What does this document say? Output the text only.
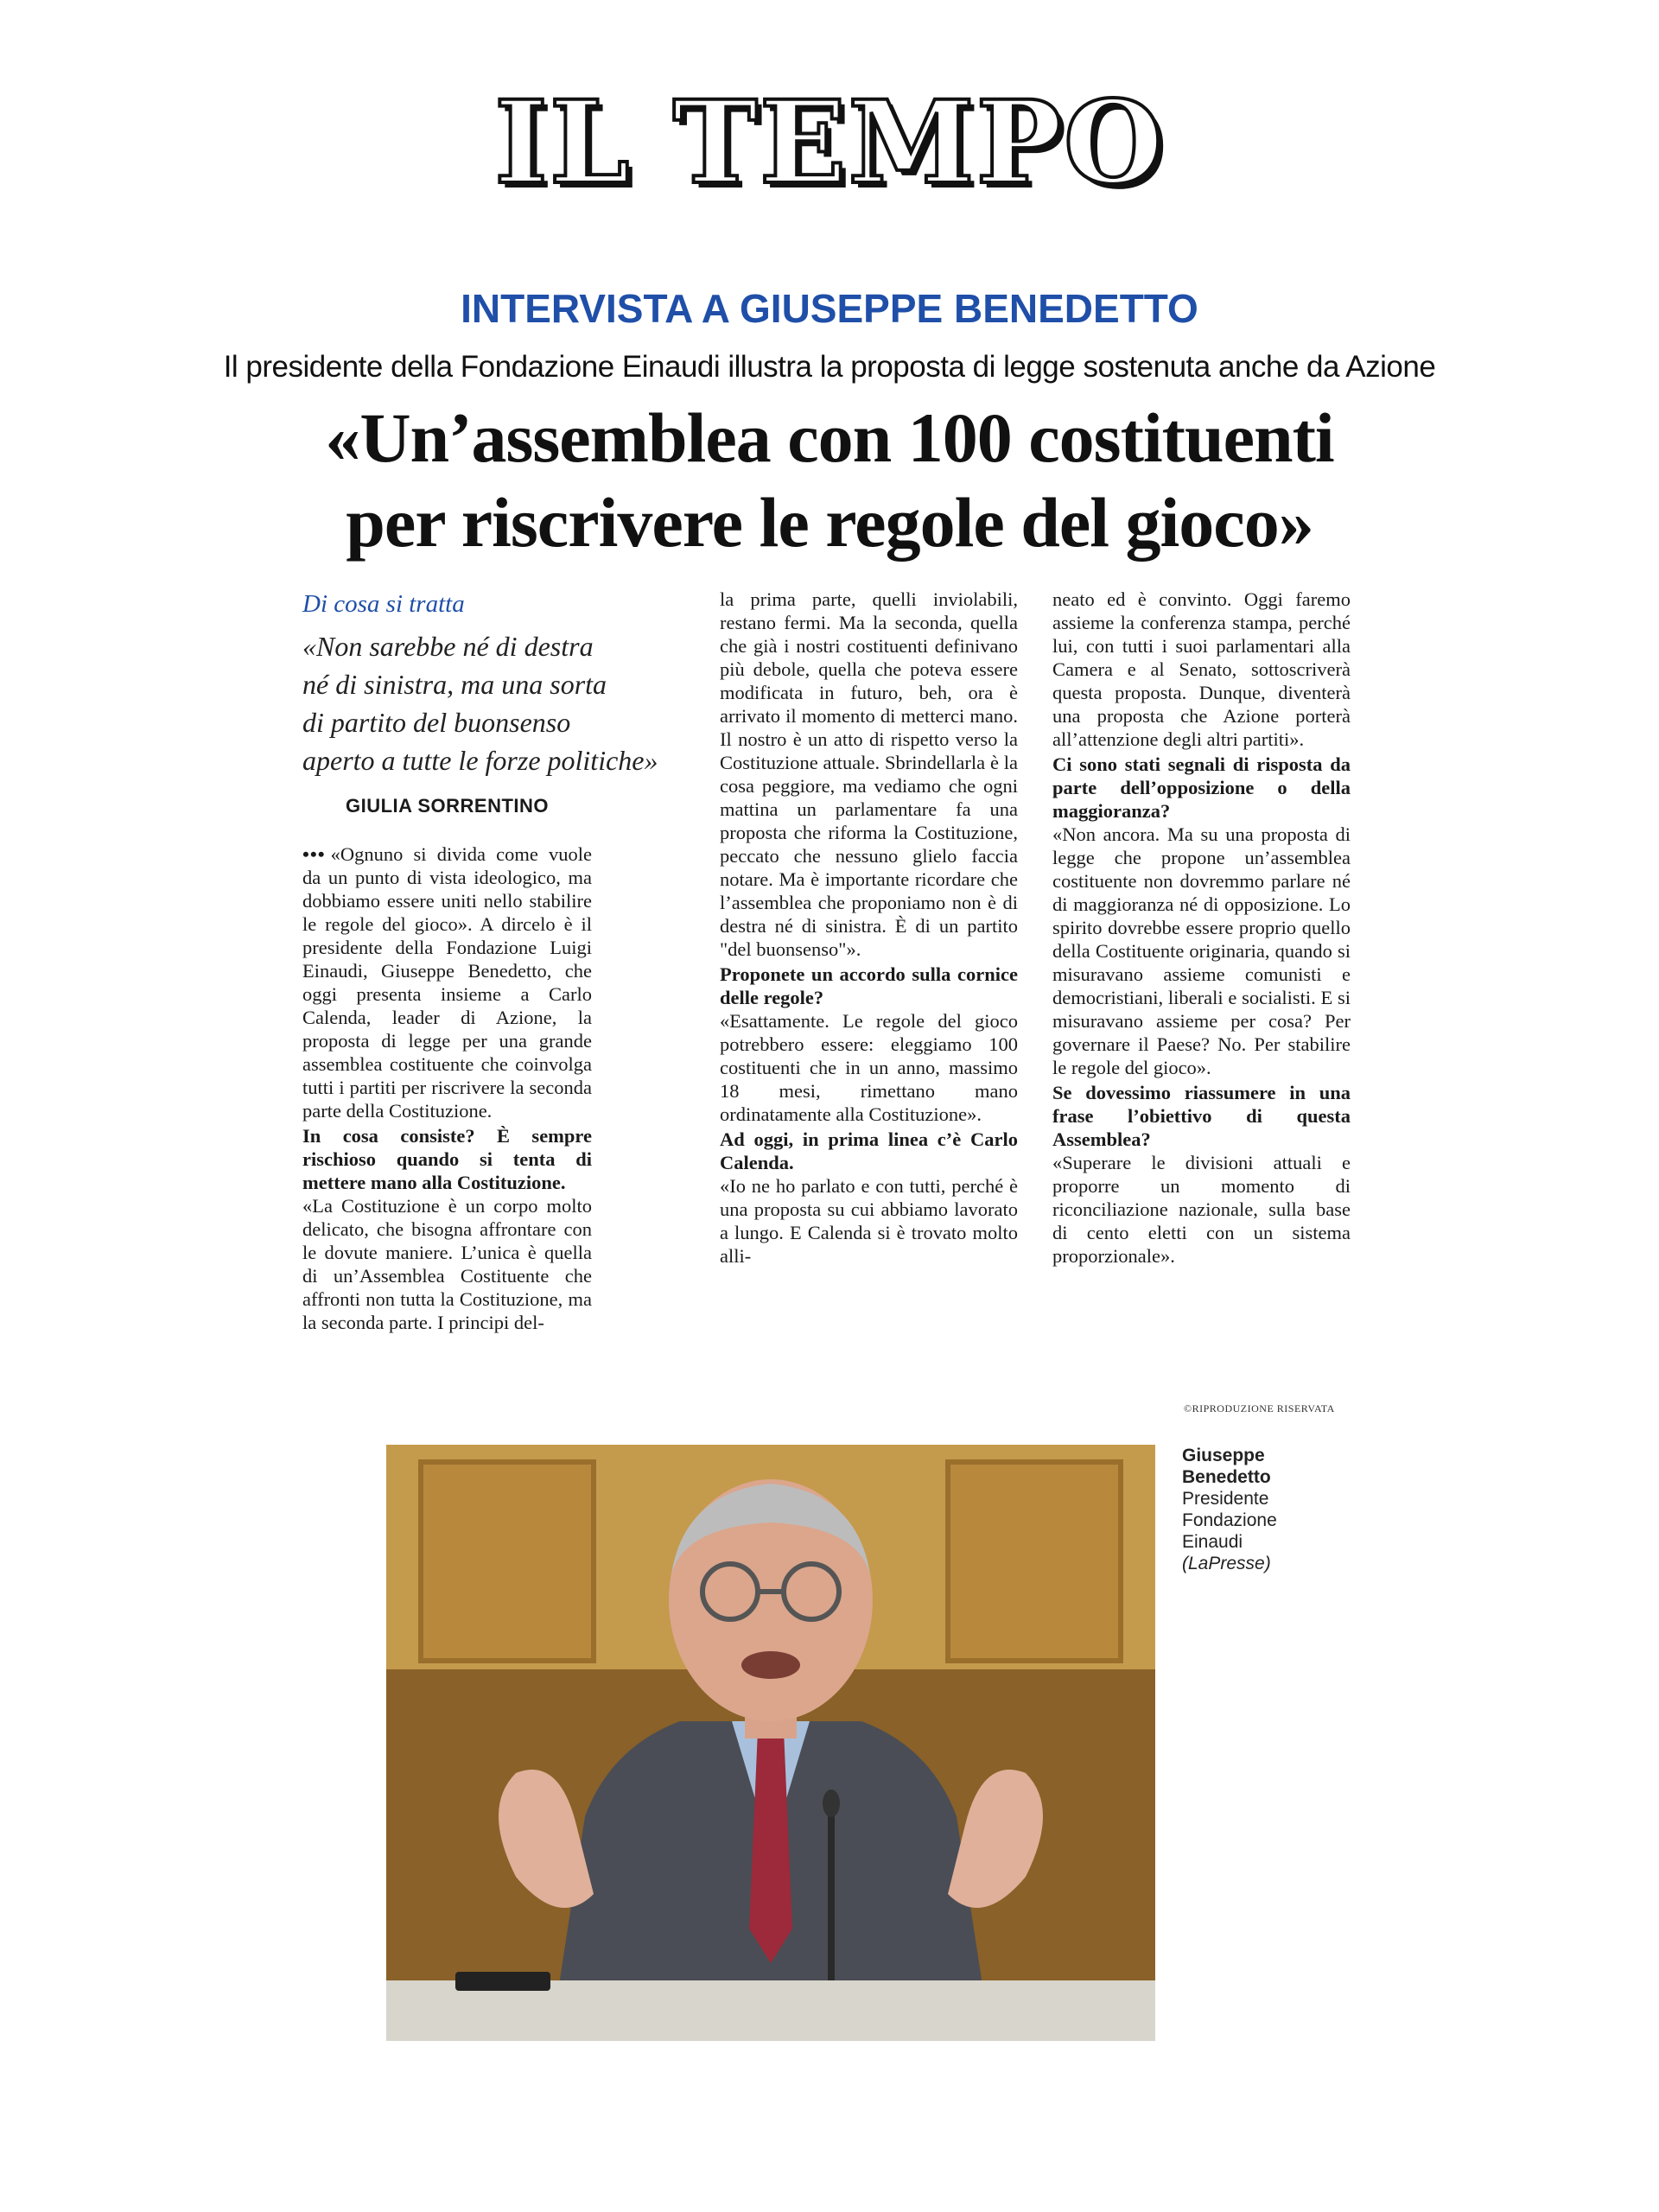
IL TEMPO
INTERVISTA A GIUSEPPE BENEDETTO
Il presidente della Fondazione Einaudi illustra la proposta di legge sostenuta anche da Azione
«Un’assemblea con 100 costituenti
per riscrivere le regole del gioco»
Di cosa si tratta
«Non sarebbe né di destra
né di sinistra, ma una sorta
di partito del buonsenso
aperto a tutte le forze politiche»
GIULIA SORRENTINO

••• «Ognuno si divida come vuole da un punto di vista ideologico, ma dobbiamo essere uniti nello stabilire le regole del gioco». A dircelo è il presidente della Fondazione Luigi Einaudi, Giuseppe Benedetto, che oggi presenta insieme a Carlo Calenda, leader di Azione, la proposta di legge per una grande assemblea costituente che coinvolga tutti i partiti per riscrivere la seconda parte della Costituzione.

In cosa consiste? È sempre rischioso quando si tenta di mettere mano alla Costituzione.

«La Costituzione è un corpo molto delicato, che bisogna affrontare con le dovute maniere. L’unica è quella di un’Assemblea Costituente che affronti non tutta la Costituzione, ma la seconda parte. I principi del-

la prima parte, quelli inviolabili, restano fermi. Ma la seconda, quella che già i nostri costituenti definivano più debole, quella che poteva essere modificata in futuro, beh, ora è arrivato il momento di metterci mano. Il nostro è un atto di rispetto verso la Costituzione attuale. Sbrindellarla è la cosa peggiore, ma vediamo che ogni mattina un parlamentare fa una proposta che riforma la Costituzione, peccato che nessuno glielo faccia notare. Ma è importante ricordare che l’assemblea che proponiamo non è di destra né di sinistra. È di un partito "del buonsenso"».

Proponete un accordo sulla cornice delle regole?

«Esattamente. Le regole del gioco potrebbero essere: eleggiamo 100 costituenti che in un anno, massimo 18 mesi, rimettano mano ordinatamente alla Costituzione».

Ad oggi, in prima linea c’è Carlo Calenda.

«Io ne ho parlato e con tutti, perché è una proposta su cui abbiamo lavorato a lungo. E Calenda si è trovato molto alli-

neato ed è convinto. Oggi faremo assieme la conferenza stampa, perché lui, con tutti i suoi parlamentari alla Camera e al Senato, sottoscriverà questa proposta. Dunque, diventerà una proposta che Azione porterà all’attenzione degli altri partiti».

Ci sono stati segnali di risposta da parte dell’opposizione o della maggioranza?

«Non ancora. Ma su una proposta di legge che propone un’assemblea costituente non dovremmo parlare né di maggioranza né di opposizione. Lo spirito dovrebbe essere proprio quello della Costituente originaria, quando si misuravano assieme comunisti e democristiani, liberali e socialisti. E si misuravano assieme per cosa? Per governare il Paese? No. Per stabilire le regole del gioco».

Se dovessimo riassumere in una frase l’obiettivo di questa Assemblea?

«Superare le divisioni attuali e proporre un momento di riconciliazione nazionale, sulla base di cento eletti con un sistema proporzionale».

©RIPRODUZIONE RISERVATA
Giuseppe
Benedetto
Presidente
Fondazione
Einaudi
(LaPresse)
